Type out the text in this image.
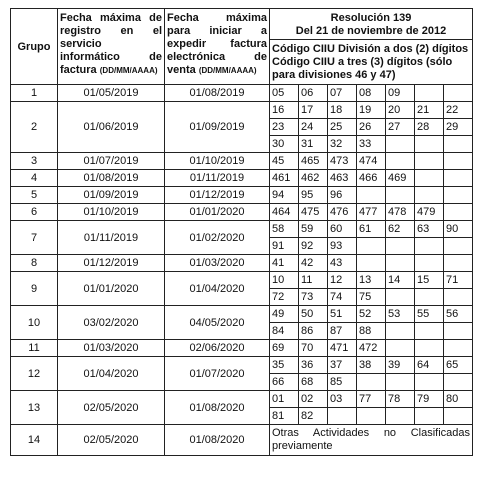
Grupo	Fecha máxima de registro en el servicio informático de factura (DD/MM/AAAA)	Fecha máxima para iniciar a expedir factura electrónica de venta (DD/MM/AAAA)	Resolución 139
Del 21 de noviembre de 2012						

			Código CIIU División a dos (2) dígitos
Código CIIU a tres (3) dígitos (sólo para divisiones 46 y 47)						

1	01/05/2019	01/08/2019	05	06	07	08	09		
2	01/06/2019	01/09/2019	16	17	18	19	20	21	22
			23	24	25	26	27	28	29
			30	31	32	33			
3	01/07/2019	01/10/2019	45	465	473	474			
4	01/08/2019	01/11/2019	461	462	463	466	469		
5	01/09/2019	01/12/2019	94	95	96				
6	01/10/2019	01/01/2020	464	475	476	477	478	479	
7	01/11/2019	01/02/2020	58	59	60	61	62	63	90
			91	92	93				
8	01/12/2019	01/03/2020	41	42	43				
9	01/01/2020	01/04/2020	10	11	12	13	14	15	71
			72	73	74	75			
10	03/02/2020	04/05/2020	49	50	51	52	53	55	56
			84	86	87	88			
11	01/03/2020	02/06/2020	69	70	471	472			
12	01/04/2020	01/07/2020	35	36	37	38	39	64	65
			66	68	85				
13	02/05/2020	01/08/2020	01	02	03	77	78	79	80
			81	82					
14	02/05/2020	01/08/2020	Otras Actividades no Clasificadas previamente						
